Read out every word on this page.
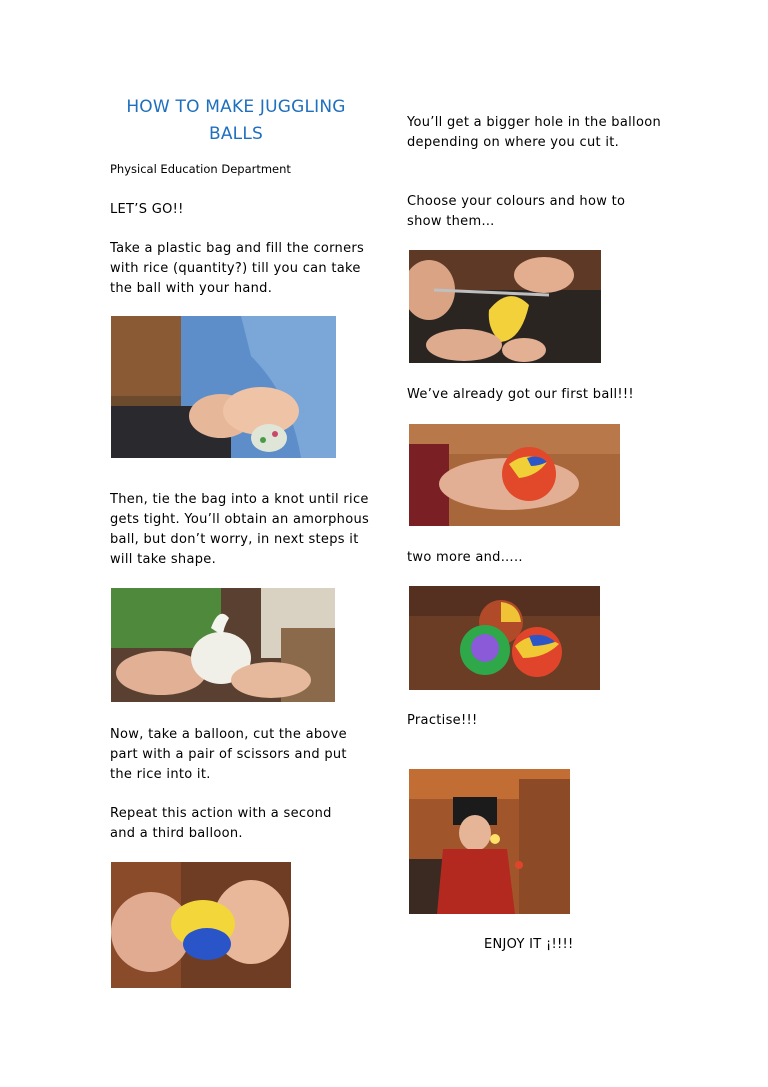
HOW TO MAKE JUGGLING BALLS
Physical Education Department
LET’S GO!!
Take a plastic bag and fill the corners with rice (quantity?) till you can take the ball with your hand.
Then, tie the bag into a knot until rice gets tight. You’ll obtain an amorphous ball, but don’t worry, in next steps it will take shape.
Now, take a balloon, cut the above part with a pair of scissors and put the rice into it.
Repeat this action with a second and a third balloon.
You’ll get a bigger hole in the balloon depending on where you cut it.
Choose your colours and how to show them…
We’ve already got our first ball!!!
two more and…..
Practise!!!
ENJOY IT ¡!!!!
